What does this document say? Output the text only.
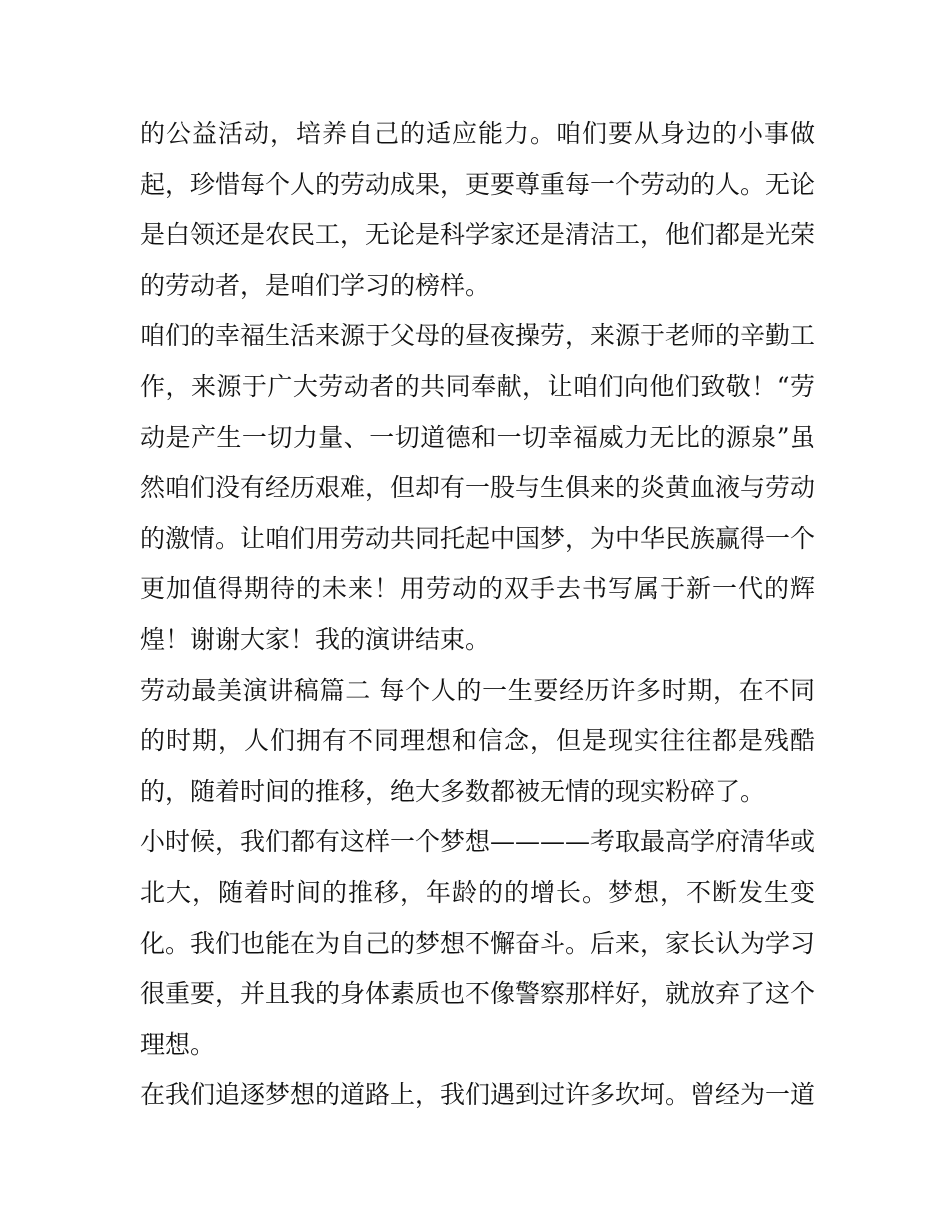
的公益活动，培养自己的适应能力。咱们要从身边的小事做
起，珍惜每个人的劳动成果，更要尊重每一个劳动的人。无论
是白领还是农民工，无论是科学家还是清洁工，他们都是光荣
的劳动者，是咱们学习的榜样。
咱们的幸福生活来源于父母的昼夜操劳，来源于老师的辛勤工
作，来源于广大劳动者的共同奉献，让咱们向他们致敬！“劳
动是产生一切力量、一切道德和一切幸福威力无比的源泉”虽
然咱们没有经历艰难，但却有一股与生俱来的炎黄血液与劳动
的激情。让咱们用劳动共同托起中国梦，为中华民族赢得一个
更加值得期待的未来！用劳动的双手去书写属于新一代的辉
煌！谢谢大家！我的演讲结束。
劳动最美演讲稿篇二 每个人的一生要经历许多时期，在不同
的时期，人们拥有不同理想和信念，但是现实往往都是残酷
的，随着时间的推移，绝大多数都被无情的现实粉碎了。
小时候，我们都有这样一个梦想————考取最高学府清华或
北大，随着时间的推移，年龄的的增长。梦想，不断发生变
化。我们也能在为自己的梦想不懈奋斗。后来，家长认为学习
很重要，并且我的身体素质也不像警察那样好，就放弃了这个
理想。
在我们追逐梦想的道路上，我们遇到过许多坎坷。曾经为一道
